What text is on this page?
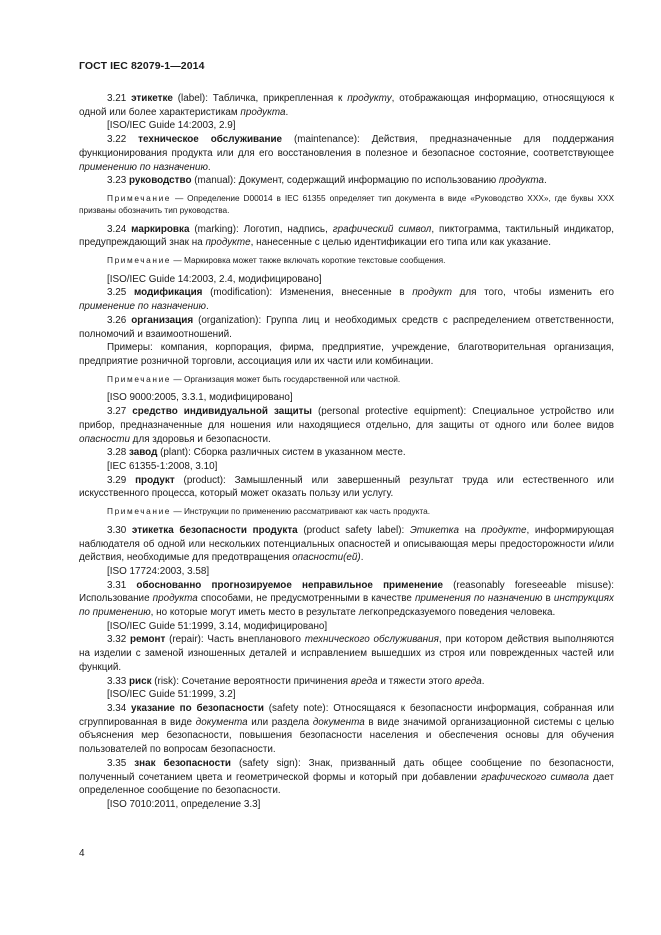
ГОСТ IEC 82079-1—2014

3.21 этикетке (label): Табличка, прикрепленная к продукту, отображающая информацию, относящуюся к одной или более характеристикам продукта.

[ISO/IEC Guide 14:2003, 2.9]

3.22 техническое обслуживание (maintenance): Действия, предназначенные для поддержания функционирования продукта или для его восстановления в полезное и безопасное состояние, соответствующее применению по назначению.

3.23 руководство (manual): Документ, содержащий информацию по использованию продукта.

Примечание — Определение D00014 в IEC 61355 определяет тип документа в виде «Руководство ХХХ», где буквы ХХХ призваны обозначить тип руководства.

3.24 маркировка (marking): Логотип, надпись, графический символ, пиктограмма, тактильный индикатор, предупреждающий знак на продукте, нанесенные с целью идентификации его типа или как указание.

Примечание — Маркировка может также включать короткие текстовые сообщения.

[ISO/IEC Guide 14:2003, 2.4, модифицировано]

3.25 модификация (modification): Изменения, внесенные в продукт для того, чтобы изменить его применение по назначению.

3.26 организация (organization): Группа лиц и необходимых средств с распределением ответственности, полномочий и взаимоотношений.

Примеры: компания, корпорация, фирма, предприятие, учреждение, благотворительная организация, предприятие розничной торговли, ассоциация или их части или комбинации.

Примечание — Организация может быть государственной или частной.

[ISO 9000:2005, 3.3.1, модифицировано]

3.27 средство индивидуальной защиты (personal protective equipment): Специальное устройство или прибор, предназначенные для ношения или находящиеся отдельно, для защиты от одного или более видов опасности для здоровья и безопасности.

3.28 завод (plant): Сборка различных систем в указанном месте.

[IEC 61355-1:2008, 3.10]

3.29 продукт (product): Замышленный или завершенный результат труда или естественного или искусственного процесса, который может оказать пользу или услугу.

Примечание — Инструкции по применению рассматривают как часть продукта.

3.30 этикетка безопасности продукта (product safety label): Этикетка на продукте, информирующая наблюдателя об одной или нескольких потенциальных опасностей и описывающая меры предосторожности и/или действия, необходимые для предотвращения опасности(ей).

[ISO 17724:2003, 3.58]

3.31 обоснованно прогнозируемое неправильное применение (reasonably foreseeable misuse): Использование продукта способами, не предусмотренными в качестве применения по назначению в инструкциях по применению, но которые могут иметь место в результате легкопредсказуемого поведения человека.

[ISO/IEC Guide 51:1999, 3.14, модифицировано]

3.32 ремонт (repair): Часть внепланового технического обслуживания, при котором действия выполняются на изделии с заменой изношенных деталей и исправлением вышедших из строя или поврежденных частей или функций.

3.33 риск (risk): Сочетание вероятности причинения вреда и тяжести этого вреда.

[ISO/IEC Guide 51:1999, 3.2]

3.34 указание по безопасности (safety note): Относящаяся к безопасности информация, собранная или сгруппированная в виде документа или раздела документа в виде значимой организационной системы с целью объяснения мер безопасности, повышения безопасности населения и обеспечения основы для обучения пользователей по вопросам безопасности.

3.35 знак безопасности (safety sign): Знак, призванный дать общее сообщение по безопасности, полученный сочетанием цвета и геометрической формы и который при добавлении графического символа дает определенное сообщение по безопасности.

[ISO 7010:2011, определение 3.3]

4
